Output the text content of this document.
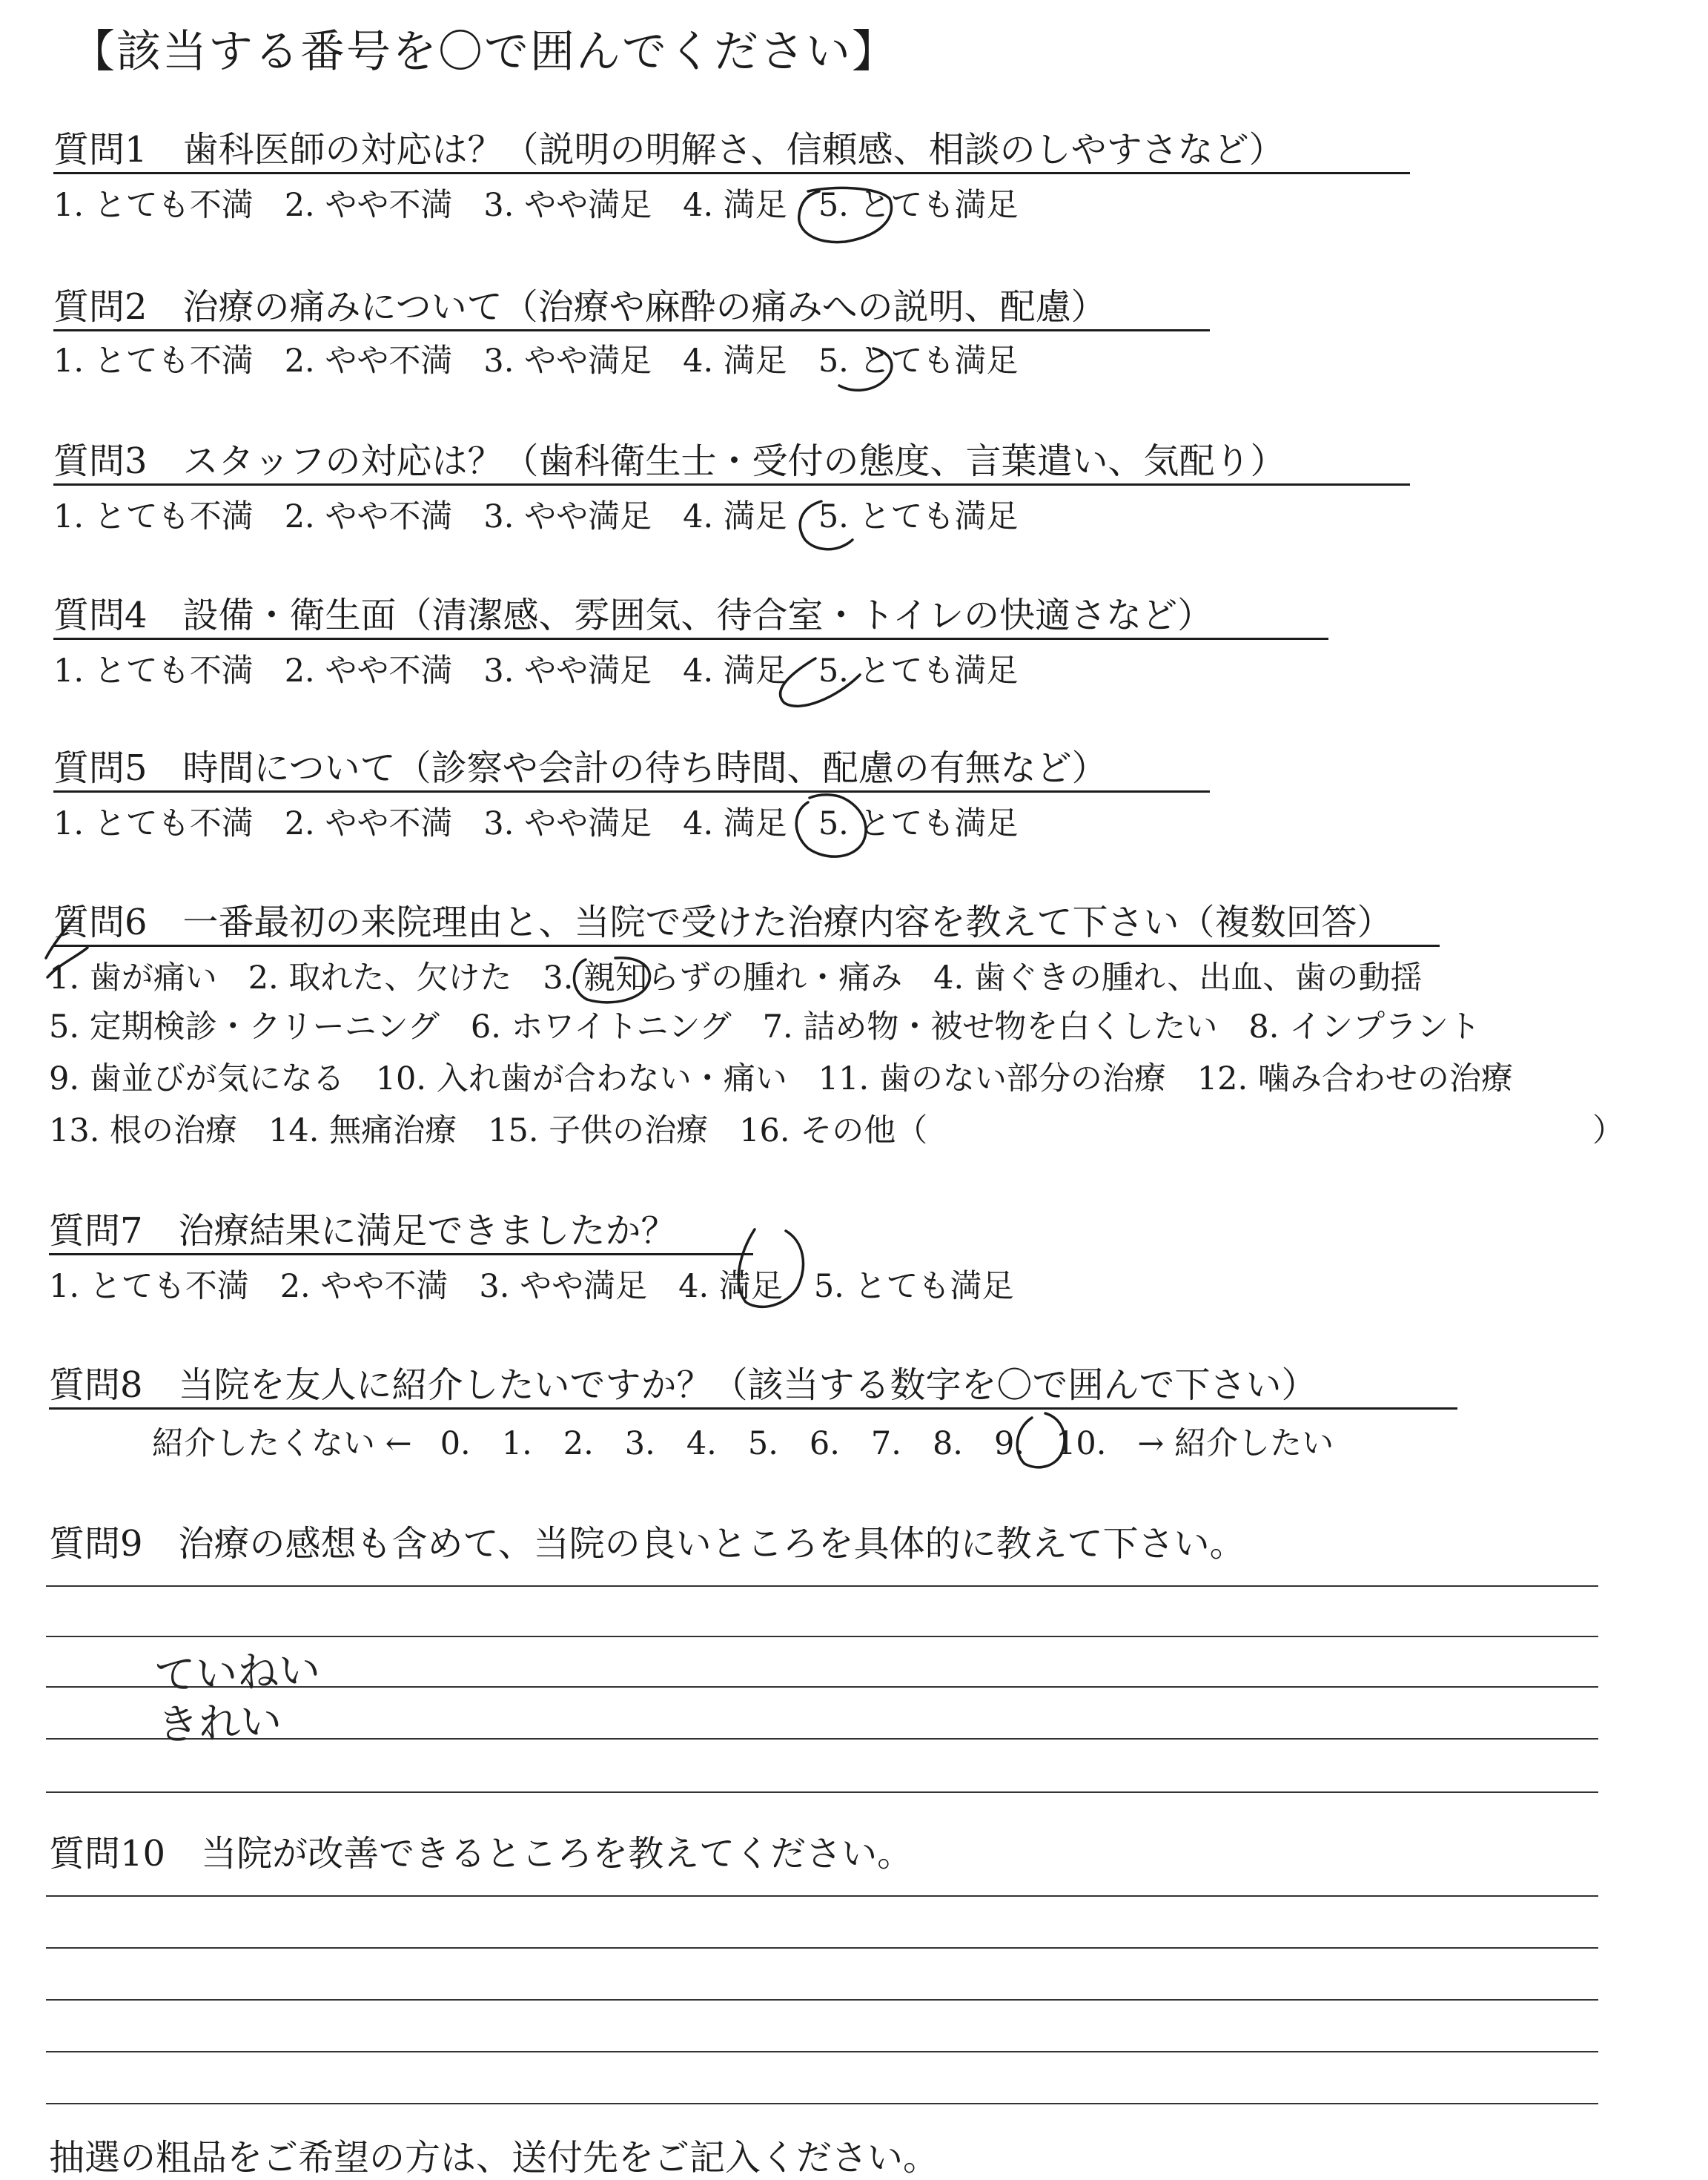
【該当する番号を〇で囲んでください】
質問1　歯科医師の対応は？（説明の明解さ、信頼感、相談のしやすさなど）
1. とても不満 2. やや不満 3. やや満足 4. 満足 5. とても満足
質問2　治療の痛みについて（治療や麻酔の痛みへの説明、配慮）
1. とても不満 2. やや不満 3. やや満足 4. 満足 5. とても満足
質問3　スタッフの対応は？（歯科衛生士・受付の態度、言葉遣い、気配り）
1. とても不満 2. やや不満 3. やや満足 4. 満足 5. とても満足
質問4　設備・衛生面（清潔感、雰囲気、待合室・トイレの快適さなど）
1. とても不満 2. やや不満 3. やや満足 4. 満足 5. とても満足
質問5　時間について（診察や会計の待ち時間、配慮の有無など）
1. とても不満 2. やや不満 3. やや満足 4. 満足 5. とても満足
質問6　一番最初の来院理由と、当院で受けた治療内容を教えて下さい（複数回答）
1. 歯が痛い 2. 取れた、欠けた 3. 親知らずの腫れ・痛み 4. 歯ぐきの腫れ、出血、歯の動揺
5. 定期検診・クリーニング 6. ホワイトニング 7. 詰め物・被せ物を白くしたい 8. インプラント
9. 歯並びが気になる 10. 入れ歯が合わない・痛い 11. 歯のない部分の治療 12. 噛み合わせの治療
13. 根の治療 14. 無痛治療 15. 子供の治療 16. その他（	）
質問7　治療結果に満足できましたか？
1. とても不満 2. やや不満 3. やや満足 4. 満足 5. とても満足
質問8　当院を友人に紹介したいですか？（該当する数字を〇で囲んで下さい）
紹介したくない ← 0. 1. 2. 3. 4. 5. 6. 7. 8. 9. 10. → 紹介したい
質問9　治療の感想も含めて、当院の良いところを具体的に教えて下さい。
ていねい
きれい
質問10　当院が改善できるところを教えてください。
抽選の粗品をご希望の方は、送付先をご記入ください。
